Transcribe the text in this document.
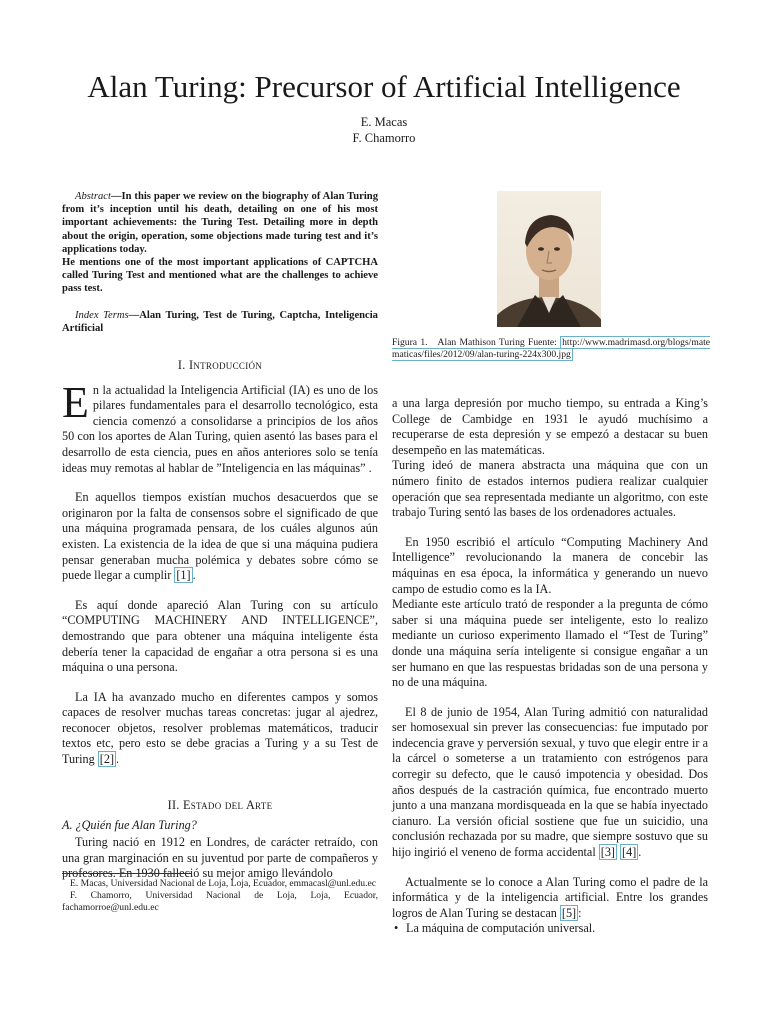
Alan Turing: Precursor of Artificial Intelligence
E. Macas
F. Chamorro

Abstract—In this paper we review on the biography of Alan Turing from it’s inception until his death, detailing on one of his most important achievements: the Turing Test. Detailing more in depth about the origin, operation, some objections made turing test and it’s applications today.

He mentions one of the most important applications of CAPTCHA called Turing Test and mentioned what are the challenges to achieve pass test.

Index Terms—Alan Turing, Test de Turing, Captcha, Inteligencia Artificial

I. Introducción

En la actualidad la Inteligencia Artificial (IA) es uno de los pilares fundamentales para el desarrollo tecnológico, esta ciencia comenzó a consolidarse a principios de los años 50 con los aportes de Alan Turing, quien asentó las bases para el desarrollo de esta ciencia, pues en años anteriores solo se tenía ideas muy remotas al hablar de ”Inteligencia en las máquinas” .

En aquellos tiempos existían muchos desacuerdos que se originaron por la falta de consensos sobre el significado de que una máquina programada pensara, de los cuáles algunos aún existen. La existencia de la idea de que si una máquina pudiera pensar generaban mucha polémica y debates sobre cómo se puede llegar a cumplir [1] .

Es aquí donde apareció Alan Turing con su artículo “COMPUTING MACHINERY AND INTELLIGENCE”, demostrando que para obtener una máquina inteligente ésta debería tener la capacidad de engañar a otra persona si es una máquina o una persona.

La IA ha avanzado mucho en diferentes campos y somos capaces de resolver muchas tareas concretas: jugar al ajedrez, reconocer objetos, resolver problemas matemáticos, traducir textos etc, pero esto se debe gracias a Turing y a su Test de Turing [2] .

II. Estado del Arte
A. ¿Quién fue Alan Turing?

Turing nació en 1912 en Londres, de carácter retraído, con una gran marginación en su juventud por parte de compañeros y profesores. En 1930 falleció su mejor amigo llevándolo

E. Macas, Universidad Nacional de Loja, Loja, Ecuador, emmacasl@unl.edu.ec

F. Chamorro, Universidad Nacional de Loja, Loja, Ecuador, fachamorroe@unl.edu.ec

Figura 1. Alan Mathison Turing Fuente: http://www.madrimasd.org/blogs/matematicas/files/2012/09/alan-turing-224x300.jpg

a una larga depresión por mucho tiempo, su entrada a King’s College de Cambidge en 1931 le ayudó muchísimo a recuperarse de esta depresión y se empezó a destacar su buen desempeño en las matemáticas.

Turing ideó de manera abstracta una máquina que con un número finito de estados internos pudiera realizar cualquier operación que sea representada mediante un algoritmo, con este trabajo Turing sentó las bases de los ordenadores actuales.

En 1950 escribió el artículo “Computing Machinery And Intelligence” revolucionando la manera de concebir las máquinas en esa época, la informática y generando un nuevo campo de estudio como es la IA.

Mediante este artículo trató de responder a la pregunta de cómo saber si una máquina puede ser inteligente, esto lo realizo mediante un curioso experimento llamado el “Test de Turing” donde una máquina sería inteligente si consigue engañar a un ser humano en que las respuestas bridadas son de una persona y no de una máquina.

El 8 de junio de 1954, Alan Turing admitió con naturalidad ser homosexual sin prever las consecuencias: fue imputado por indecencia grave y perversión sexual, y tuvo que elegir entre ir a la cárcel o someterse a un tratamiento con estrógenos para corregir su defecto, que le causó impotencia y obesidad. Dos años después de la castración química, fue encontrado muerto junto a una manzana mordisqueada en la que se había inyectado cianuro. La versión oficial sostiene que fue un suicidio, una conclusión rechazada por su madre, que siempre sostuvo que su hijo ingirió el veneno de forma accidental [3] [4] .

Actualmente se lo conoce a Alan Turing como el padre de la informática y de la inteligencia artificial. Entre los grandes logros de Alan Turing se destacan [5] :

• La máquina de computación universal.
